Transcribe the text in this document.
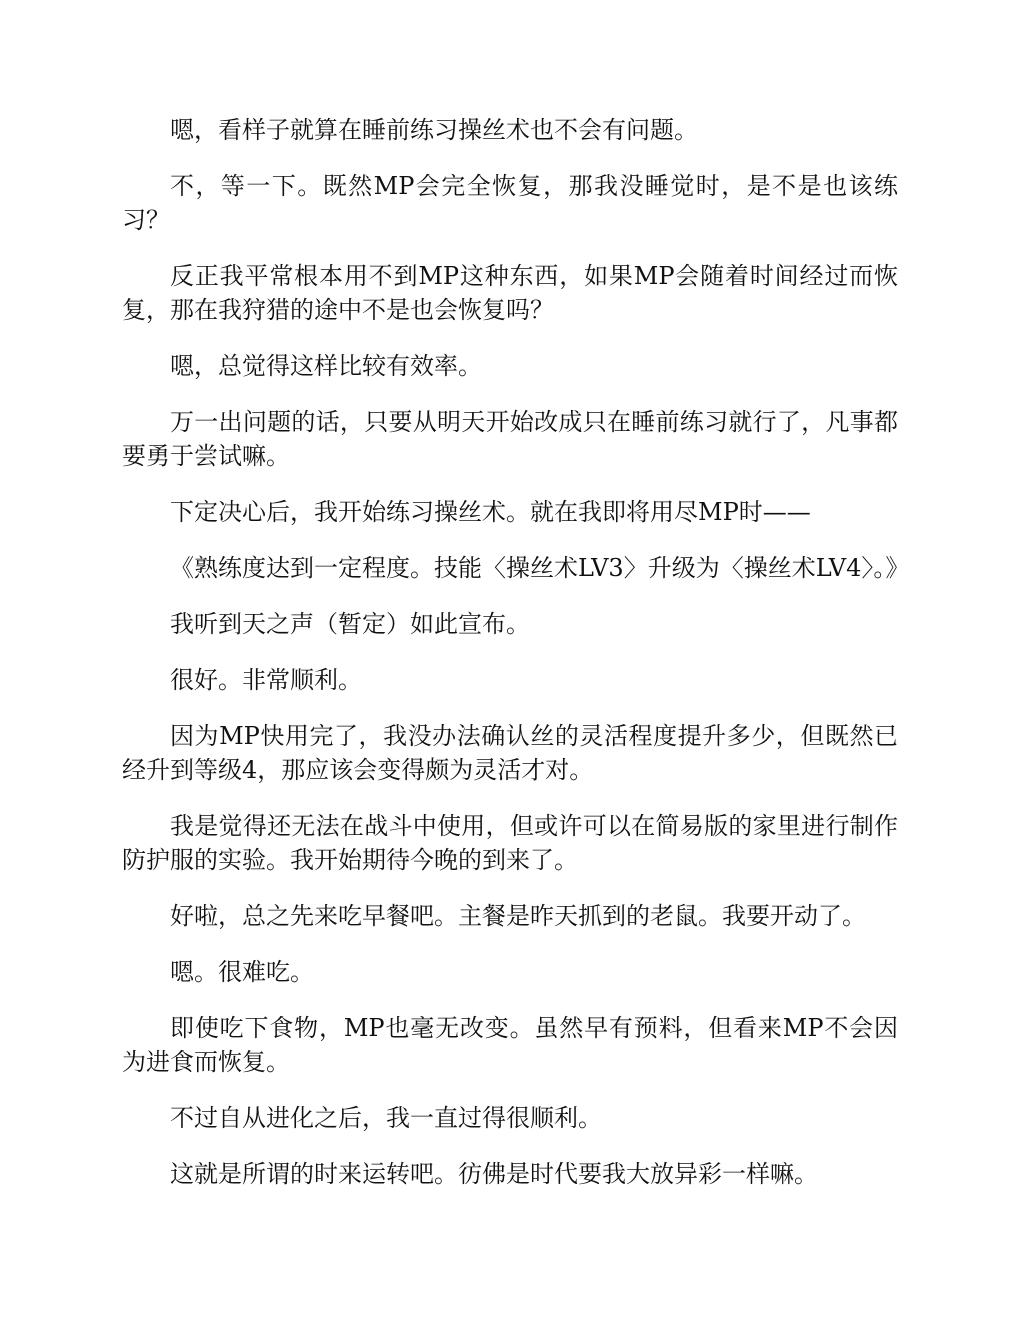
嗯，看样子就算在睡前练习操丝术也不会有问题。

不，等一下。既然MP会完全恢复，那我没睡觉时，是不是也该练习？

反正我平常根本用不到MP这种东西，如果MP会随着时间经过而恢复，那在我狩猎的途中不是也会恢复吗？

嗯，总觉得这样比较有效率。

万一出问题的话，只要从明天开始改成只在睡前练习就行了，凡事都要勇于尝试嘛。

下定决心后，我开始练习操丝术。就在我即将用尽MP时——

《熟练度达到一定程度。技能〈操丝术LV3〉升级为〈操丝术LV4〉。》

我听到天之声（暂定）如此宣布。

很好。非常顺利。

因为MP快用完了，我没办法确认丝的灵活程度提升多少，但既然已经升到等级4，那应该会变得颇为灵活才对。

我是觉得还无法在战斗中使用，但或许可以在简易版的家里进行制作防护服的实验。我开始期待今晚的到来了。

好啦，总之先来吃早餐吧。主餐是昨天抓到的老鼠。我要开动了。

嗯。很难吃。

即使吃下食物，MP也毫无改变。虽然早有预料，但看来MP不会因为进食而恢复。

不过自从进化之后，我一直过得很顺利。

这就是所谓的时来运转吧。彷佛是时代要我大放异彩一样嘛。
